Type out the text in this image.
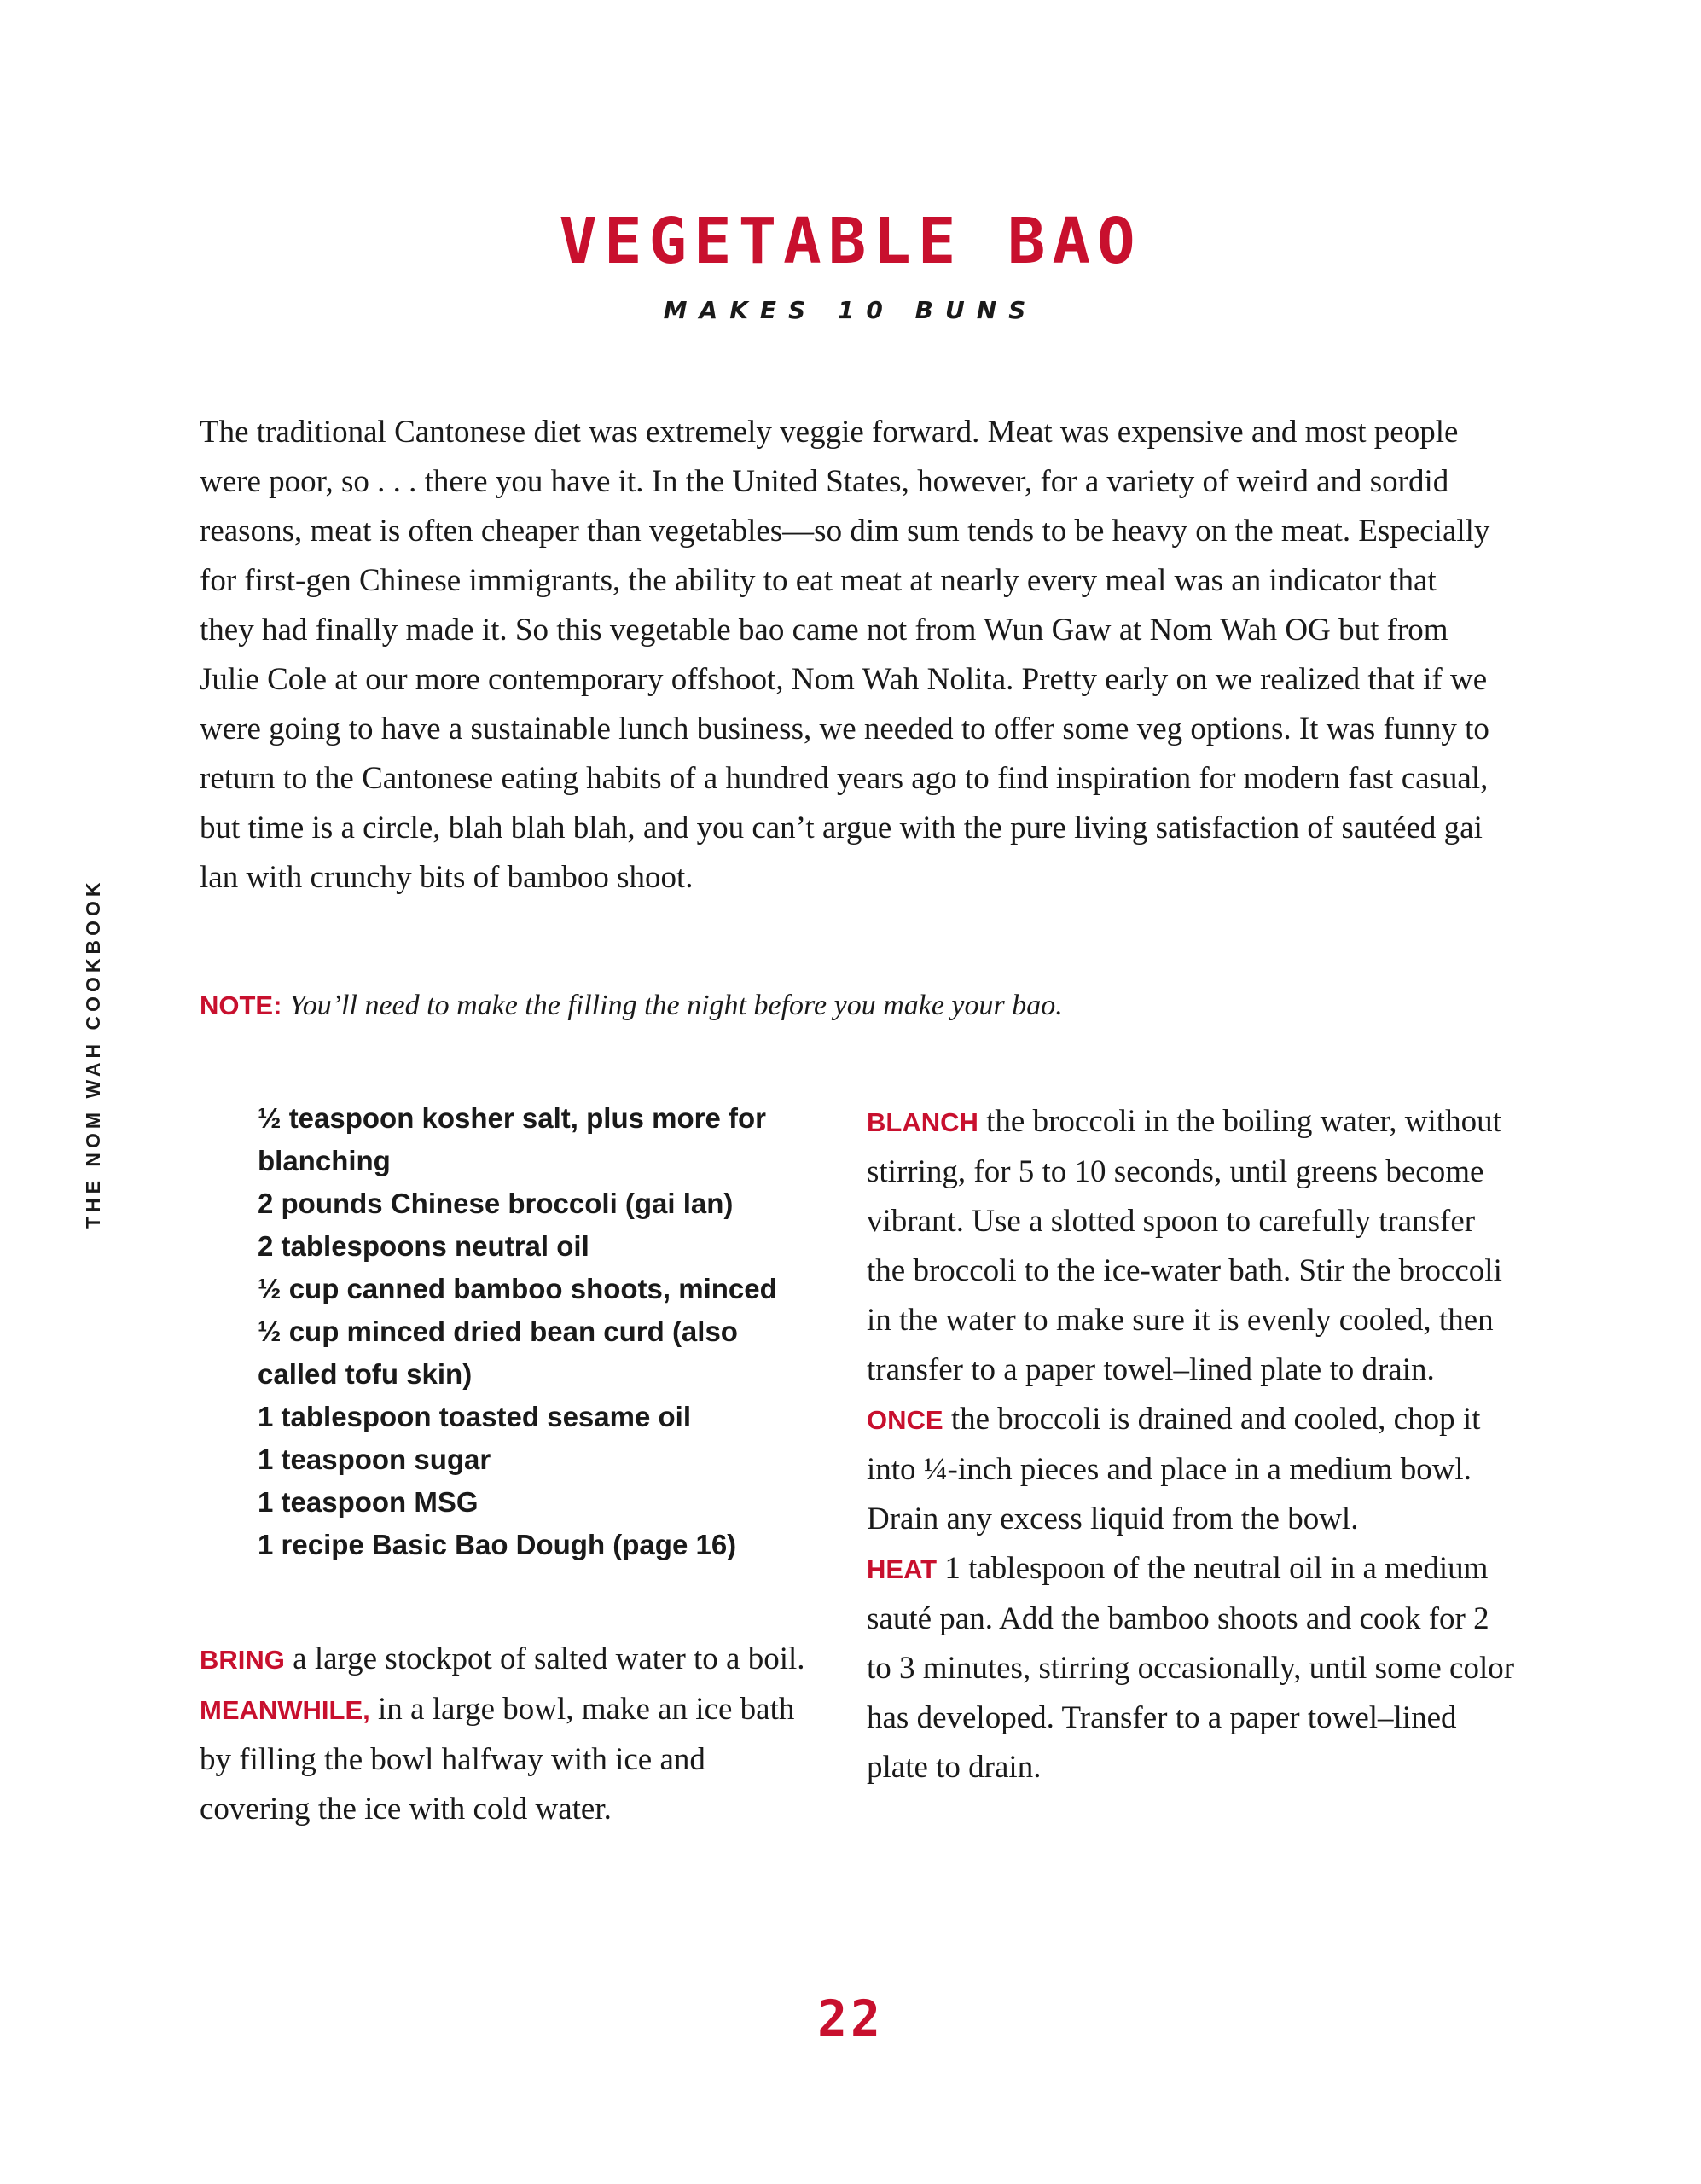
VEGETABLE BAO
MAKES 10 BUNS

The traditional Cantonese diet was extremely veggie forward. Meat was expensive and most people were poor, so . . . there you have it. In the United States, however, for a variety of weird and sordid reasons, meat is often cheaper than vegetables—so dim sum tends to be heavy on the meat. Especially for first-gen Chinese immigrants, the ability to eat meat at nearly every meal was an indicator that they had finally made it. So this vegetable bao came not from Wun Gaw at Nom Wah OG but from Julie Cole at our more contemporary offshoot, Nom Wah Nolita. Pretty early on we realized that if we were going to have a sustainable lunch business, we needed to offer some veg options. It was funny to return to the Cantonese eating habits of a hundred years ago to find inspiration for modern fast casual, but time is a circle, blah blah blah, and you can’t argue with the pure living satisfaction of sautéed gai lan with crunchy bits of bamboo shoot.

NOTE: You’ll need to make the filling the night before you make your bao.

½ teaspoon kosher salt, plus more for blanching
2 pounds Chinese broccoli (gai lan)
2 tablespoons neutral oil
½ cup canned bamboo shoots, minced
½ cup minced dried bean curd (also called tofu skin)
1 tablespoon toasted sesame oil
1 teaspoon sugar
1 teaspoon MSG
1 recipe Basic Bao Dough (page 16)

BRING a large stockpot of salted water to a boil.

MEANWHILE, in a large bowl, make an ice bath by filling the bowl halfway with ice and covering the ice with cold water.

BLANCH the broccoli in the boiling water, without stirring, for 5 to 10 seconds, until greens become vibrant. Use a slotted spoon to carefully transfer the broccoli to the ice-water bath. Stir the broccoli in the water to make sure it is evenly cooled, then transfer to a paper towel–lined plate to drain.

ONCE the broccoli is drained and cooled, chop it into ¼-inch pieces and place in a medium bowl. Drain any excess liquid from the bowl.

HEAT 1 tablespoon of the neutral oil in a medium sauté pan. Add the bamboo shoots and cook for 2 to 3 minutes, stirring occasionally, until some color has developed. Transfer to a paper towel–lined plate to drain.

THE NOM WAH COOKBOOK
22
